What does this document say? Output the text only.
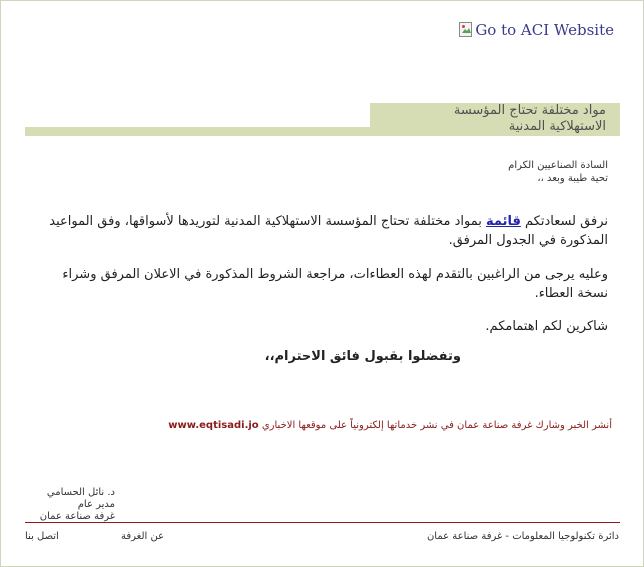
Go to ACI Website
مواد مختلفة تحتاج المؤسسة
الاستهلاكية المدنية
السادة الصناعيين الكرام
تحية طيبة وبعد ،،
نرفق لسعادتكم قائمة بمواد مختلفة تحتاج المؤسسة الاستهلاكية المدنية لتوريدها لأسواقها، وفق المواعيد المذكورة في الجدول المرفق.
وعليه يرجى من الراغبين بالتقدم لهذه العطاءات، مراجعة الشروط المذكورة في الاعلان المرفق وشراء نسخة العطاء.
شاكرين لكم اهتمامكم.
وتفضلوا بقبول فائق الاحترام،،
أنشر الخبر وشارك غرفة صناعة عمان في نشر خدماتها إلكترونياً على موقعها الاخباري www.eqtisadi.jo
د. نائل الحسامي
مدير عام
غرفة صناعة عمان
دائرة تكنولوجيا المعلومات - غرفة صناعة عمان
عن الغرفة
اتصل بنا
